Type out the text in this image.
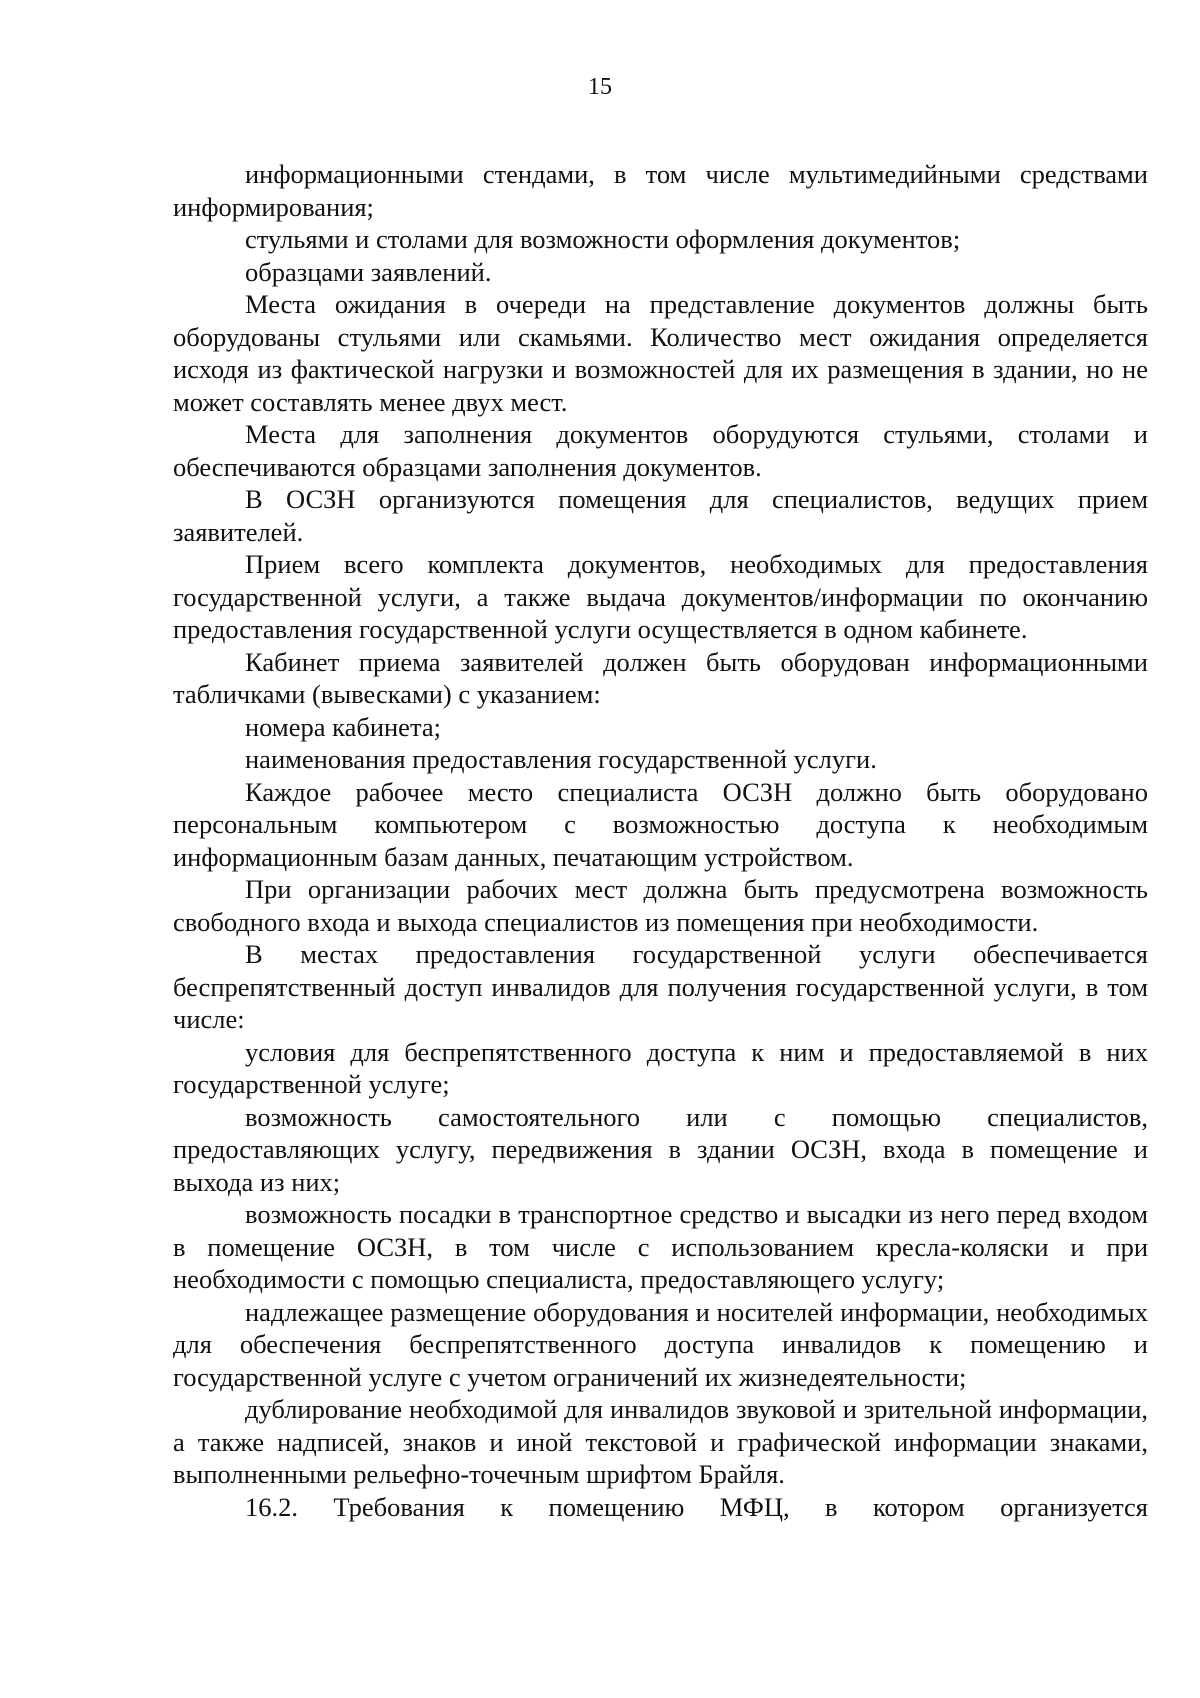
15

информационными стендами, в том числе мультимедийными средствами информирования;

стульями и столами для возможности оформления документов;

образцами заявлений.

Места ожидания в очереди на представление документов должны быть оборудованы стульями или скамьями. Количество мест ожидания определяется исходя из фактической нагрузки и возможностей для их размещения в здании, но не может составлять менее двух мест.

Места для заполнения документов оборудуются стульями, столами и обеспечиваются образцами заполнения документов.

В ОСЗН организуются помещения для специалистов, ведущих прием заявителей.

Прием всего комплекта документов, необходимых для предоставления государственной услуги, а также выдача документов/информации по окончанию предоставления государственной услуги осуществляется в одном кабинете.

Кабинет приема заявителей должен быть оборудован информационными табличками (вывесками) с указанием:

номера кабинета;

наименования предоставления государственной услуги.

Каждое рабочее место специалиста ОСЗН должно быть оборудовано персональным компьютером с возможностью доступа к необходимым информационным базам данных, печатающим устройством.

При организации рабочих мест должна быть предусмотрена возможность свободного входа и выхода специалистов из помещения при необходимости.

В местах предоставления государственной услуги обеспечивается беспрепятственный доступ инвалидов для получения государственной услуги, в том числе:

условия для беспрепятственного доступа к ним и предоставляемой в них государственной услуге;

возможность самостоятельного или с помощью специалистов, предоставляющих услугу, передвижения в здании ОСЗН, входа в помещение и выхода из них;

возможность посадки в транспортное средство и высадки из него перед входом в помещение ОСЗН, в том числе с использованием кресла-коляски и при необходимости с помощью специалиста, предоставляющего услугу;

надлежащее размещение оборудования и носителей информации, необходимых для обеспечения беспрепятственного доступа инвалидов к помещению и государственной услуге с учетом ограничений их жизнедеятельности;

дублирование необходимой для инвалидов звуковой и зрительной информации, а также надписей, знаков и иной текстовой и графической информации знаками, выполненными рельефно-точечным шрифтом Брайля.

16.2. Требования к помещению МФЦ, в котором организуется
